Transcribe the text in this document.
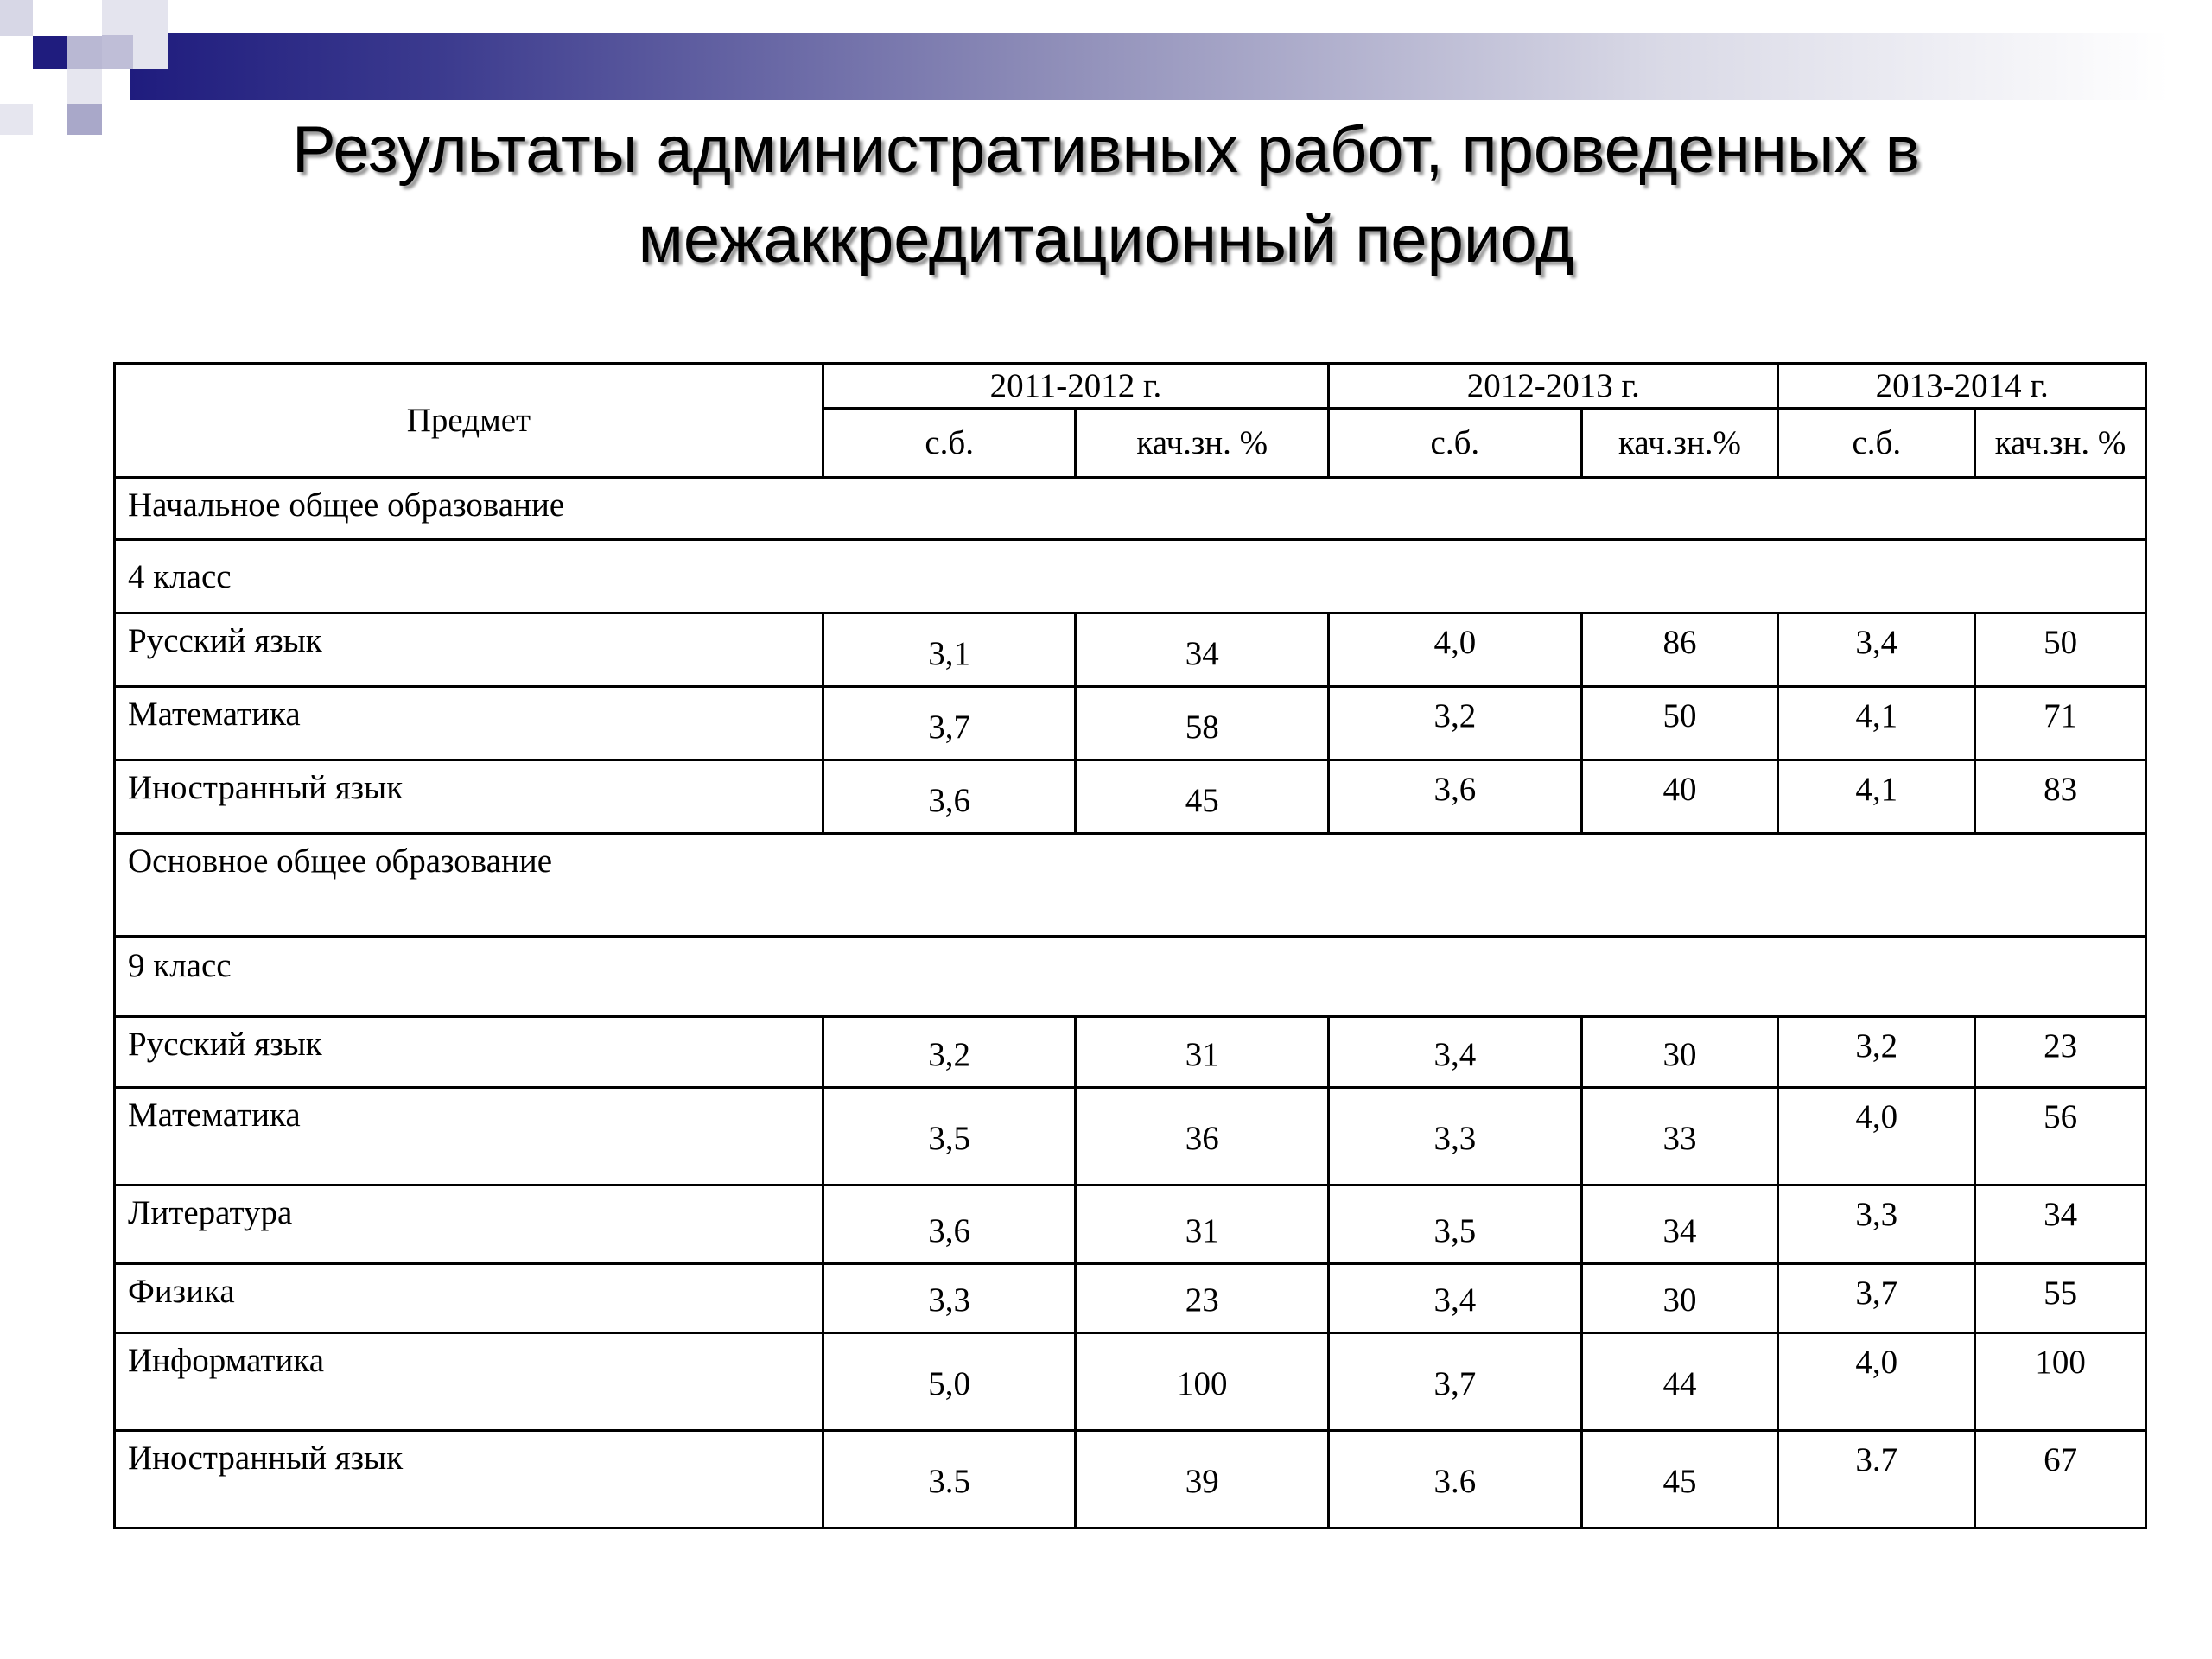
Результаты административных работ, проведенных в межаккредитационный период
Предмет	2011-2012 г.		2012-2013 г.		2013-2014 г.	
	с.б.	кач.зн. %	с.б.	кач.зн.%	с.б.	кач.зн. %
Начальное общее образование						
4 класс						
Русский язык	3,1	34	4,0	86	3,4	50
Математика	3,7	58	3,2	50	4,1	71
Иностранный язык	3,6	45	3,6	40	4,1	83
Основное общее образование						
9 класс						
Русский язык	3,2	31	3,4	30	3,2	23
Математика	3,5	36	3,3	33	4,0	56
Литература	3,6	31	3,5	34	3,3	34
Физика	3,3	23	3,4	30	3,7	55
Информатика	5,0	100	3,7	44	4,0	100
Иностранный язык	3.5	39	3.6	45	3.7	67
